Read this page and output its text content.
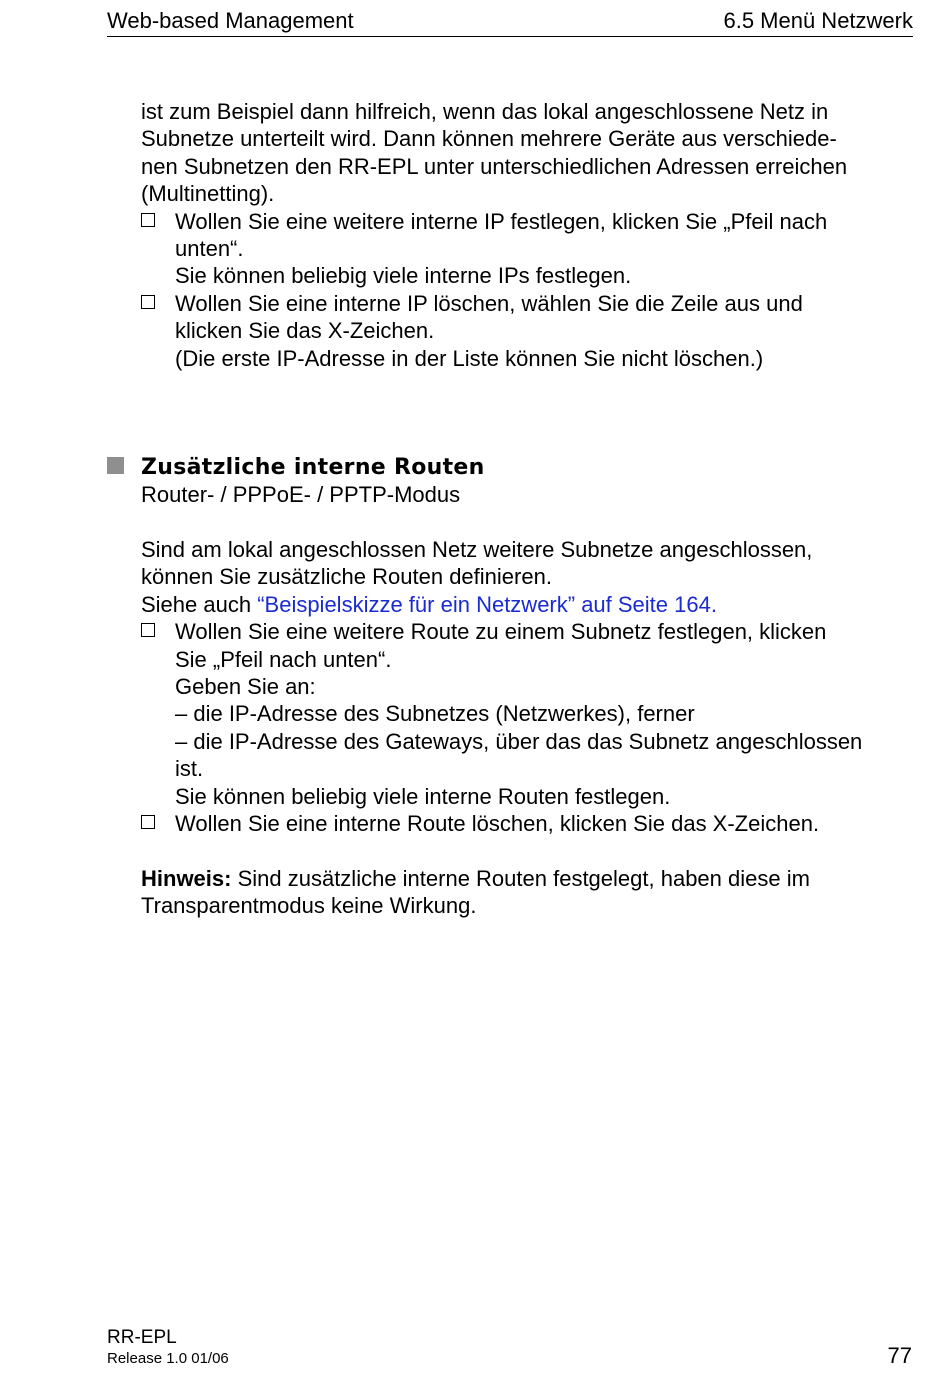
Web-based Management	6.5 Menü Netzwerk
ist zum Beispiel dann hilfreich, wenn das lokal angeschlossene Netz in
Subnetze unterteilt wird. Dann können mehrere Geräte aus verschiede-
nen Subnetzen den RR-EPL unter unterschiedlichen Adressen erreichen
(Multinetting).
Wollen Sie eine weitere interne IP festlegen, klicken Sie „Pfeil nach
unten“.
Sie können beliebig viele interne IPs festlegen.
Wollen Sie eine interne IP löschen, wählen Sie die Zeile aus und
klicken Sie das X-Zeichen.
(Die erste IP-Adresse in der Liste können Sie nicht löschen.)
Zusätzliche interne Routen
Router- / PPPoE- / PPTP-Modus
Sind am lokal angeschlossen Netz weitere Subnetze angeschlossen,
können Sie zusätzliche Routen definieren.
Siehe auch “Beispielskizze für ein Netzwerk” auf Seite 164.
Wollen Sie eine weitere Route zu einem Subnetz festlegen, klicken
Sie „Pfeil nach unten“.
Geben Sie an:
– die IP-Adresse des Subnetzes (Netzwerkes), ferner
– die IP-Adresse des Gateways, über das das Subnetz angeschlossen
ist.
Sie können beliebig viele interne Routen festlegen.
Wollen Sie eine interne Route löschen, klicken Sie das X-Zeichen.
Hinweis: Sind zusätzliche interne Routen festgelegt, haben diese im
Transparentmodus keine Wirkung.
RR-EPL
Release 1.0 01/06	77
